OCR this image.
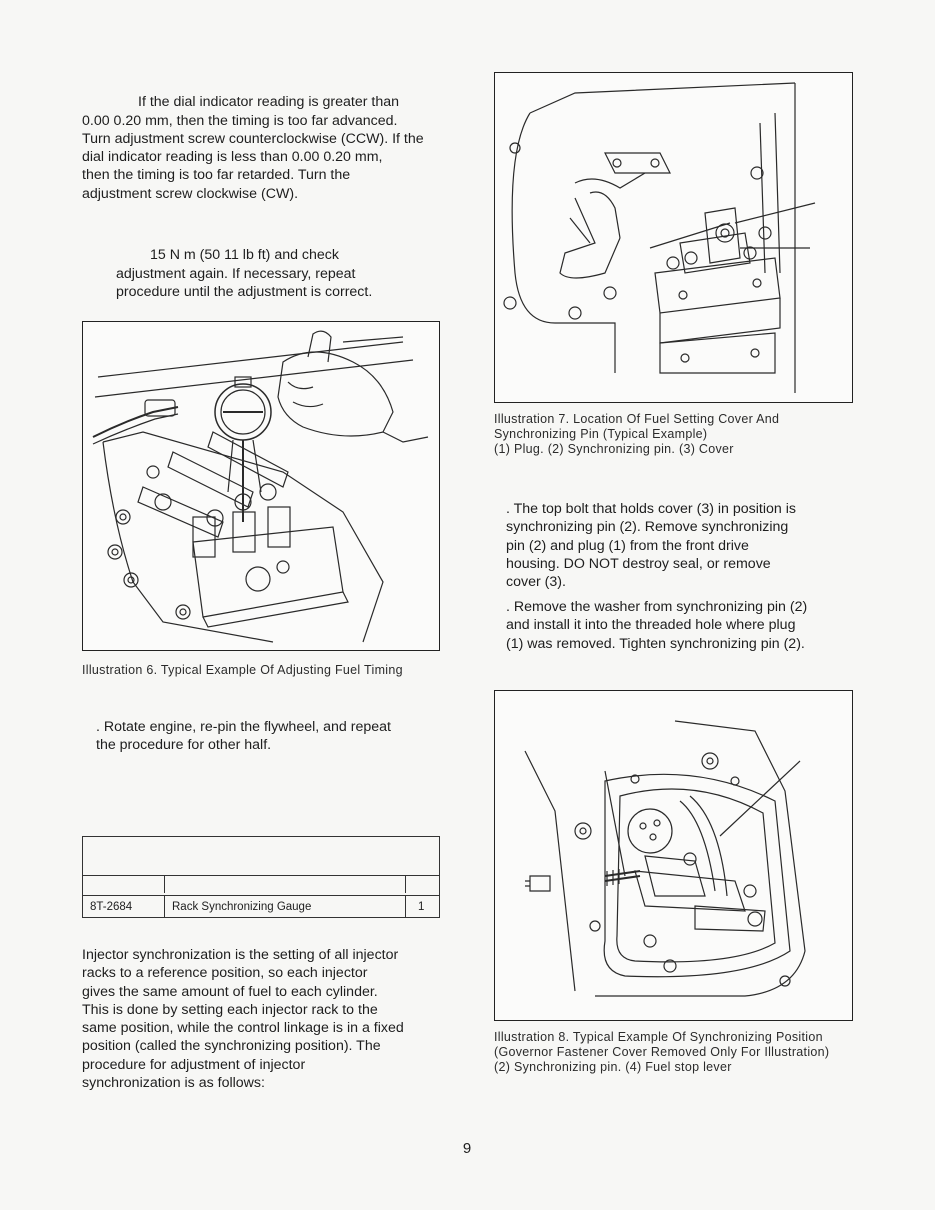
If the dial indicator reading is greater than
0.00 0.20 mm, then the timing is too far advanced.
Turn adjustment screw counterclockwise (CCW). If the
dial indicator reading is less than 0.00 0.20 mm,
then the timing is too far retarded. Turn the
adjustment screw clockwise (CW).

15 N m (50 11 lb ft) and check
adjustment again. If necessary, repeat
procedure until the adjustment is correct.

Illustration 6. Typical Example Of Adjusting Fuel Timing
. Rotate engine, re-pin the flywheel, and repeat
the procedure for other half.
8T-2684	Rack Synchronizing Gauge	1
Injector synchronization is the setting of all injector
racks to a reference position, so each injector
gives the same amount of fuel to each cylinder.
This is done by setting each injector rack to the
same position, while the control linkage is in a fixed
position (called the synchronizing position). The
procedure for adjustment of injector
synchronization is as follows:
Illustration 7. Location Of Fuel Setting Cover And
Synchronizing Pin (Typical Example)
(1) Plug. (2) Synchronizing pin. (3) Cover
. The top bolt that holds cover (3) in position is
synchronizing pin (2). Remove synchronizing
pin (2) and plug (1) from the front drive
housing. DO NOT destroy seal, or remove
cover (3).
. Remove the washer from synchronizing pin (2)
and install it into the threaded hole where plug
(1) was removed. Tighten synchronizing pin (2).
Illustration 8. Typical Example Of Synchronizing Position
(Governor Fastener Cover Removed Only For Illustration)
(2) Synchronizing pin. (4) Fuel stop lever
9
